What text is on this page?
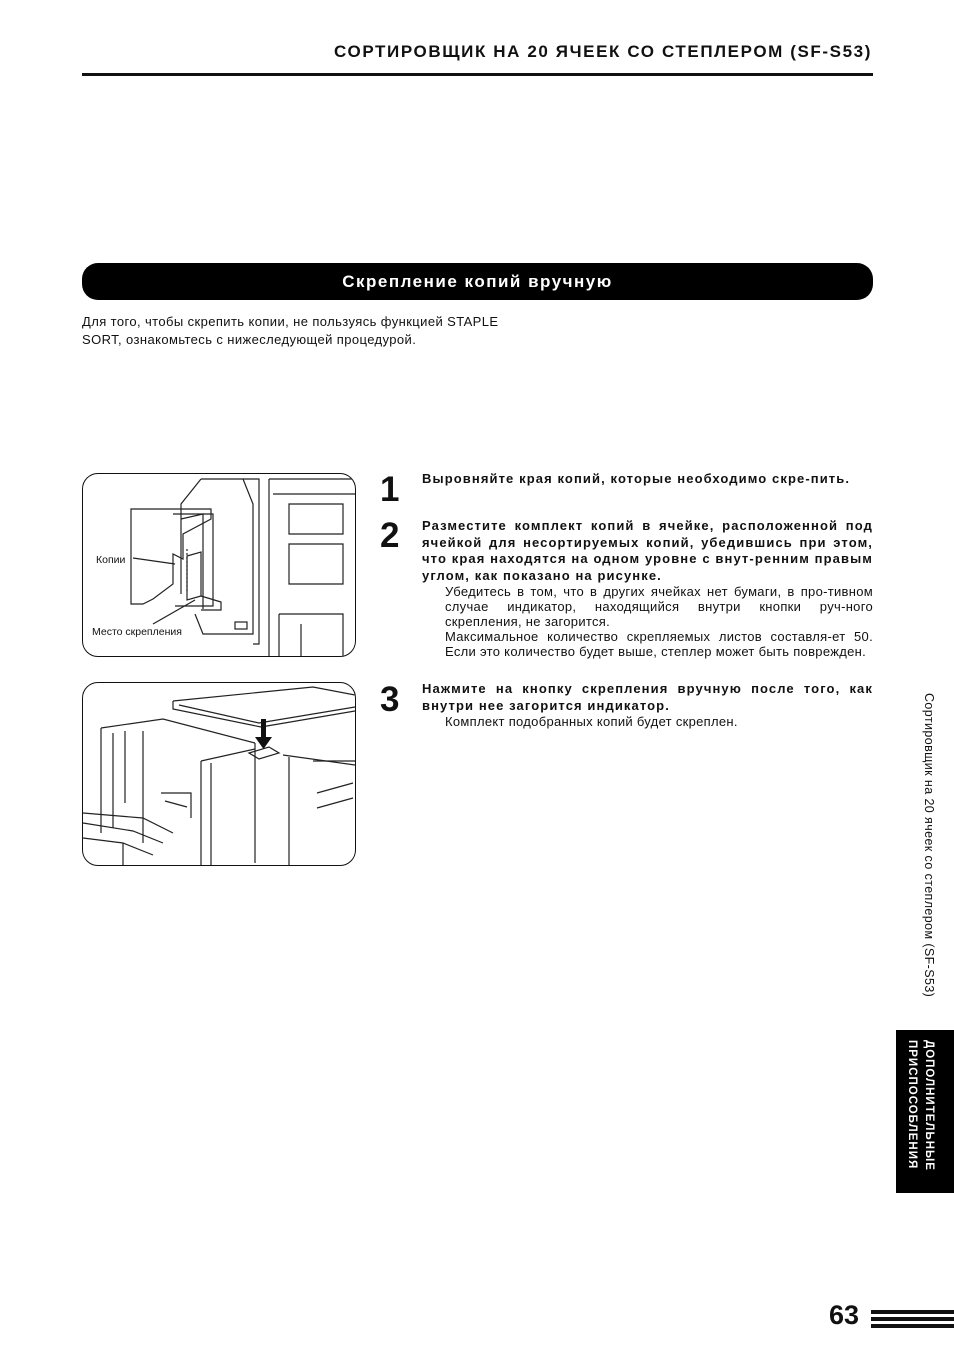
СОРТИРОВЩИК НА 20 ЯЧЕЕК СО СТЕПЛЕРОМ (SF-S53)
Скрепление копий вручную

Для того, чтобы скрепить копии, не пользуясь функцией STAPLE

SORT, ознакомьтесь с нижеследующей процедурой.

Копии
Место скрепления
1 Выровняйте края копий, которые необходимо скре-пить.

2 Разместите комплект копий в ячейке, расположенной под ячейкой для несортируемых копий, убедившись при этом, что края находятся на одном уровне с внут-ренним правым углом, как показано на рисунке.

Убедитесь в том, что в других ячейках нет бумаги, в про-тивном случае индикатор, находящийся внутри кнопки руч-ного скрепления, не загорится.

Максимальное количество скрепляемых листов составля-ет 50. Если это количество будет выше, степлер может быть поврежден.

3 Нажмите на кнопку скрепления вручную после того, как внутри нее загорится индикатор.

Комплект подобранных копий будет скреплен.	Сортировщик на 20 ячеек со степлером (SF-S53)
ДОПОЛНИТЕЛЬНЫЕ
ПРИСПОСОБЛЕНИЯ
63
